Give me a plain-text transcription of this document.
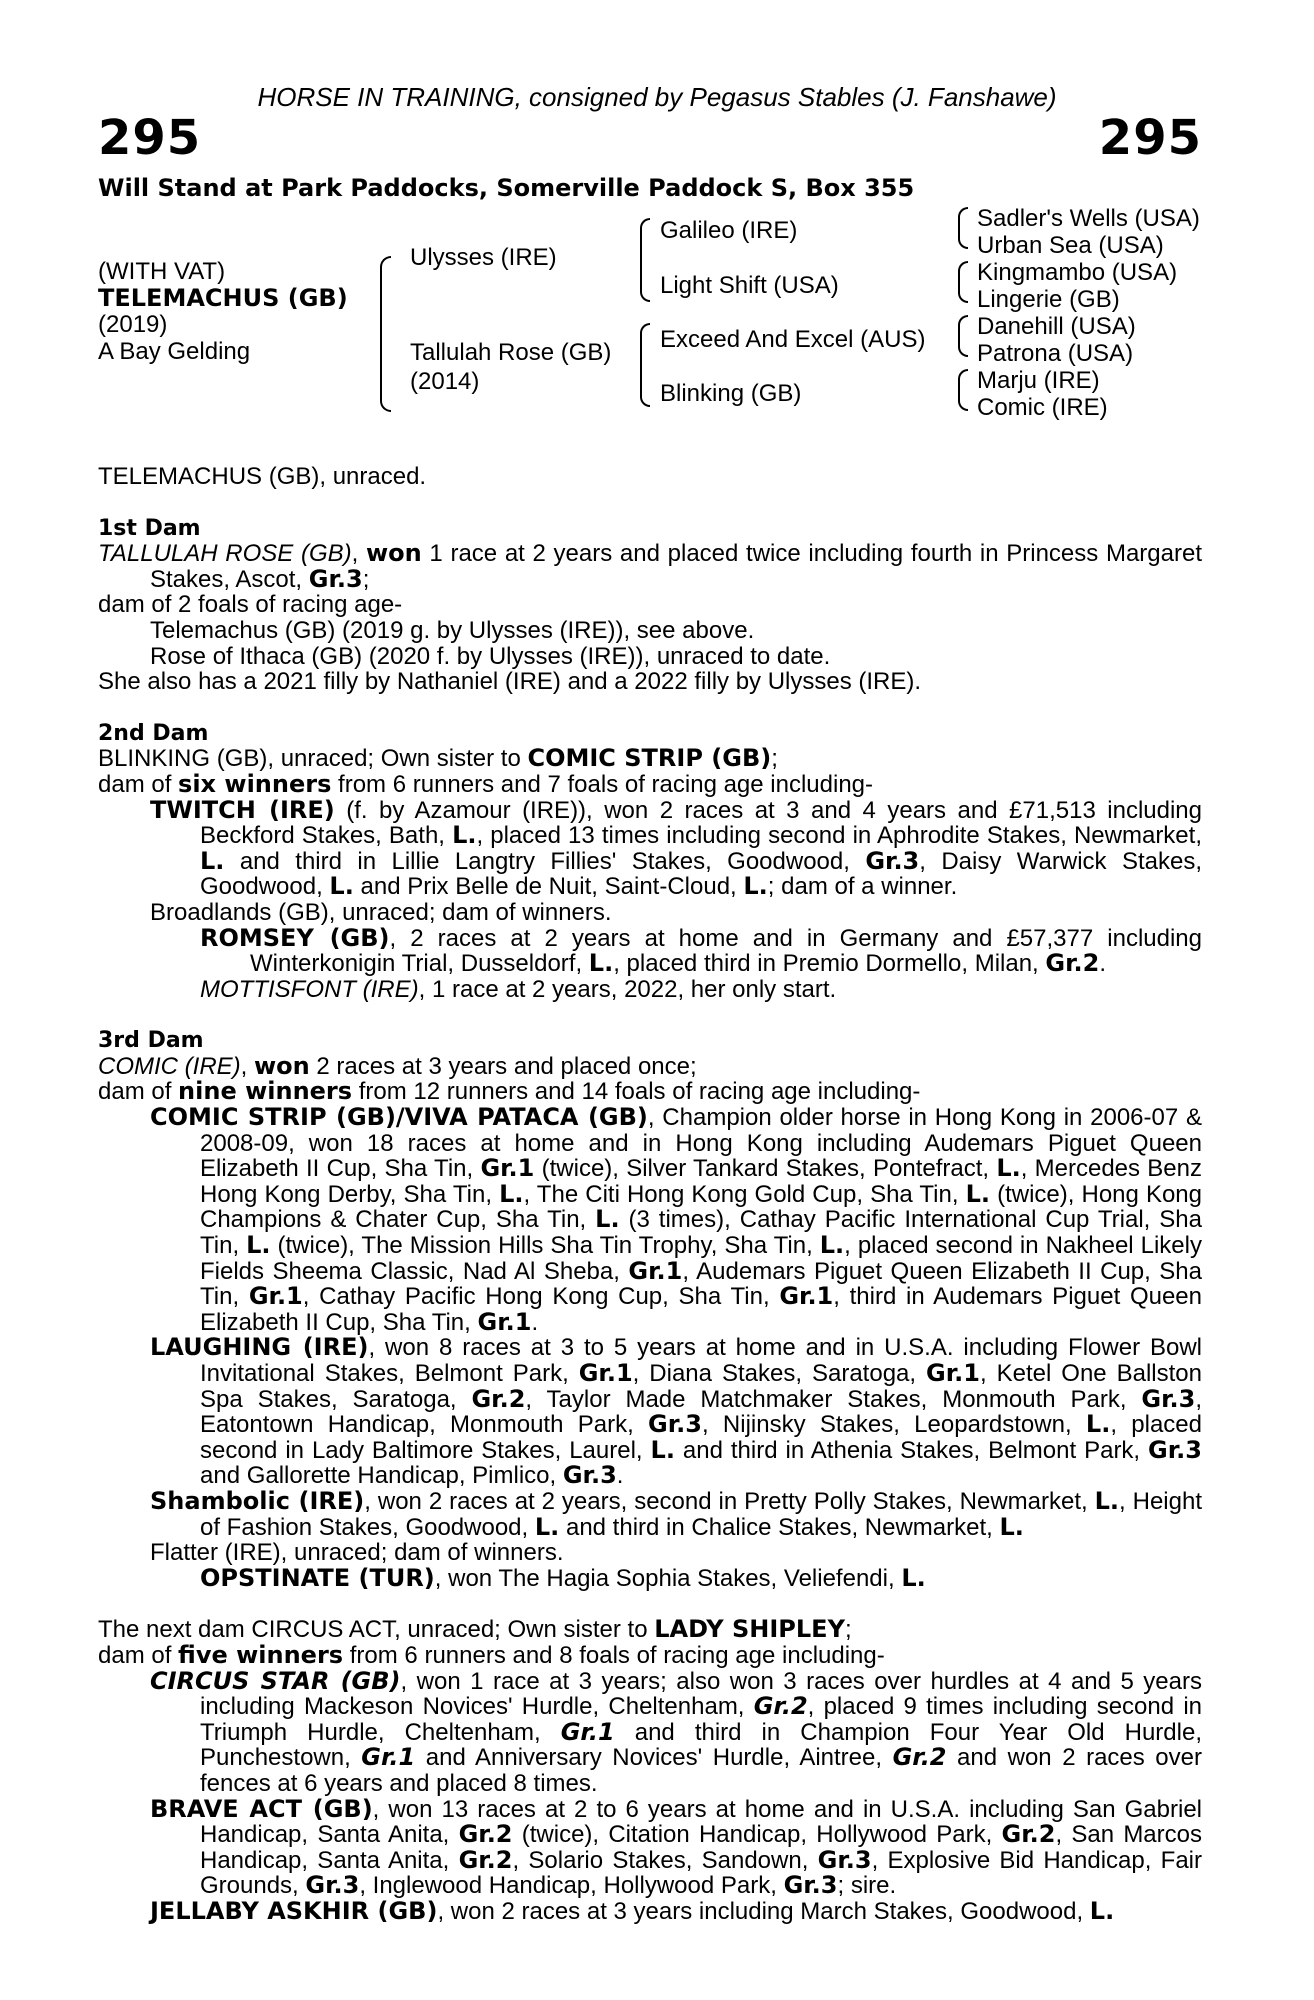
HORSE IN TRAINING, consigned by Pegasus Stables (J. Fanshawe)
295	295
Will Stand at Park Paddocks, Somerville Paddock S, Box 355
(WITH VAT)
TELEMACHUS (GB)
(2019)
A Bay Gelding
Ulysses (IRE)
Tallulah Rose (GB)
(2014)
Galileo (IRE)
Light Shift (USA)
Exceed And Excel (AUS)
Blinking (GB)
Sadler's Wells (USA)
Urban Sea (USA)
Kingmambo (USA)
Lingerie (GB)
Danehill (USA)
Patrona (USA)
Marju (IRE)
Comic (IRE)

TELEMACHUS (GB), unraced.

1st Dam

TALLULAH ROSE (GB), won 1 race at 2 years and placed twice including fourth in Princess Margaret Stakes, Ascot, Gr.3;

dam of 2 foals of racing age-

Telemachus (GB) (2019 g. by Ulysses (IRE)), see above.

Rose of Ithaca (GB) (2020 f. by Ulysses (IRE)), unraced to date.

She also has a 2021 filly by Nathaniel (IRE) and a 2022 filly by Ulysses (IRE).

2nd Dam

BLINKING (GB), unraced; Own sister to COMIC STRIP (GB);

dam of six winners from 6 runners and 7 foals of racing age including-

TWITCH (IRE) (f. by Azamour (IRE)), won 2 races at 3 and 4 years and £71,513 including Beckford Stakes, Bath, L., placed 13 times including second in Aphrodite Stakes, Newmarket, L. and third in Lillie Langtry Fillies' Stakes, Goodwood, Gr.3, Daisy Warwick Stakes, Goodwood, L. and Prix Belle de Nuit, Saint-Cloud, L.; dam of a winner.

Broadlands (GB), unraced; dam of winners.

ROMSEY (GB), 2 races at 2 years at home and in Germany and £57,377 including Winterkonigin Trial, Dusseldorf, L., placed third in Premio Dormello, Milan, Gr.2.

MOTTISFONT (IRE), 1 race at 2 years, 2022, her only start.

3rd Dam

COMIC (IRE), won 2 races at 3 years and placed once;

dam of nine winners from 12 runners and 14 foals of racing age including-

COMIC STRIP (GB)/VIVA PATACA (GB), Champion older horse in Hong Kong in 2006-07 & 2008-09, won 18 races at home and in Hong Kong including Audemars Piguet Queen Elizabeth II Cup, Sha Tin, Gr.1 (twice), Silver Tankard Stakes, Pontefract, L., Mercedes Benz Hong Kong Derby, Sha Tin, L., The Citi Hong Kong Gold Cup, Sha Tin, L. (twice), Hong Kong Champions & Chater Cup, Sha Tin, L. (3 times), Cathay Pacific International Cup Trial, Sha Tin, L. (twice), The Mission Hills Sha Tin Trophy, Sha Tin, L., placed second in Nakheel Likely Fields Sheema Classic, Nad Al Sheba, Gr.1, Audemars Piguet Queen Elizabeth II Cup, Sha Tin, Gr.1, Cathay Pacific Hong Kong Cup, Sha Tin, Gr.1, third in Audemars Piguet Queen Elizabeth II Cup, Sha Tin, Gr.1.

LAUGHING (IRE), won 8 races at 3 to 5 years at home and in U.S.A. including Flower Bowl Invitational Stakes, Belmont Park, Gr.1, Diana Stakes, Saratoga, Gr.1, Ketel One Ballston Spa Stakes, Saratoga, Gr.2, Taylor Made Matchmaker Stakes, Monmouth Park, Gr.3, Eatontown Handicap, Monmouth Park, Gr.3, Nijinsky Stakes, Leopardstown, L., placed second in Lady Baltimore Stakes, Laurel, L. and third in Athenia Stakes, Belmont Park, Gr.3 and Gallorette Handicap, Pimlico, Gr.3.

Shambolic (IRE), won 2 races at 2 years, second in Pretty Polly Stakes, Newmarket, L., Height of Fashion Stakes, Goodwood, L. and third in Chalice Stakes, Newmarket, L.

Flatter (IRE), unraced; dam of winners.

OPSTINATE (TUR), won The Hagia Sophia Stakes, Veliefendi, L.

The next dam CIRCUS ACT, unraced; Own sister to LADY SHIPLEY;

dam of five winners from 6 runners and 8 foals of racing age including-

CIRCUS STAR (GB), won 1 race at 3 years; also won 3 races over hurdles at 4 and 5 years including Mackeson Novices' Hurdle, Cheltenham, Gr.2, placed 9 times including second in Triumph Hurdle, Cheltenham, Gr.1 and third in Champion Four Year Old Hurdle, Punchestown, Gr.1 and Anniversary Novices' Hurdle, Aintree, Gr.2 and won 2 races over fences at 6 years and placed 8 times.

BRAVE ACT (GB), won 13 races at 2 to 6 years at home and in U.S.A. including San Gabriel Handicap, Santa Anita, Gr.2 (twice), Citation Handicap, Hollywood Park, Gr.2, San Marcos Handicap, Santa Anita, Gr.2, Solario Stakes, Sandown, Gr.3, Explosive Bid Handicap, Fair Grounds, Gr.3, Inglewood Handicap, Hollywood Park, Gr.3; sire.

JELLABY ASKHIR (GB), won 2 races at 3 years including March Stakes, Goodwood, L.
